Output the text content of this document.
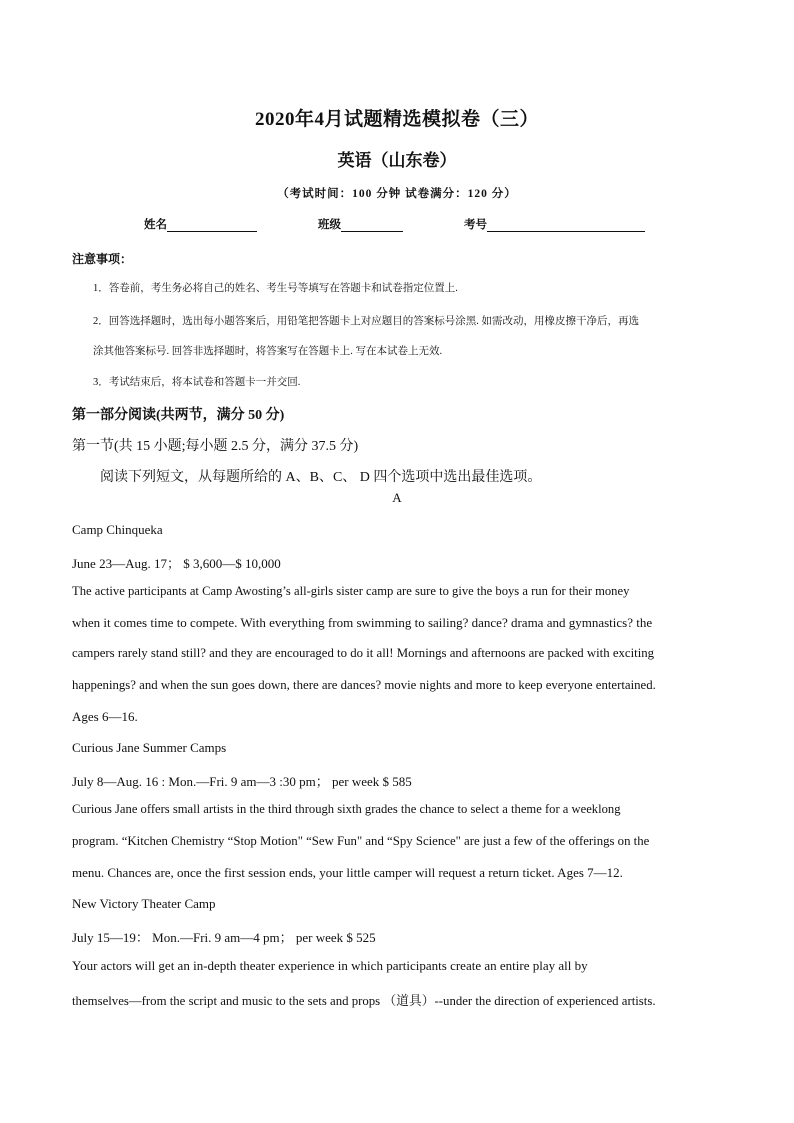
2020年4月试题精选模拟卷（三）
英语（山东卷）
（考试时间：100 分钟 试卷满分：120 分）
姓名	班级	考号
注意事项：
1．答卷前，考生务必将自己的姓名、考生号等填写在答题卡和试卷指定位置上.
2．回答选择题时，选出每小题答案后，用铅笔把答题卡上对应题目的答案标号涂黑. 如需改动，用橡皮擦干净后，再选
涂其他答案标号. 回答非选择题时，将答案写在答题卡上. 写在本试卷上无效.
3．考试结束后，将本试卷和答题卡一并交回.
第一部分阅读(共两节，满分 50 分)
第一节(共 15 小题;每小题 2.5 分，满分 37.5 分)
阅读下列短文，从每题所给的 A、B、C、 D 四个选项中选出最佳选项。
A
Camp Chinqueka
June 23—Aug. 17； $ 3,600—$ 10,000
The active participants at Camp Awosting’s all-girls sister camp are sure to give the boys a run for their money
when it comes time to compete. With everything from swimming to sailing? dance? drama and gymnastics? the
campers rarely stand still? and they are encouraged to do it all! Mornings and afternoons are packed with exciting
happenings? and when the sun goes down, there are dances? movie nights and more to keep everyone entertained.
Ages 6—16.
Curious Jane Summer Camps
July 8—Aug. 16 : Mon.—Fri. 9 am—3 :30 pm； per week $ 585
Curious Jane offers small artists in the third through sixth grades the chance to select a theme for a weeklong
program. “Kitchen Chemistry “Stop Motion" “Sew Fun" and “Spy Science" are just a few of the offerings on the
menu. Chances are, once the first session ends, your little camper will request a return ticket. Ages 7—12.
New Victory Theater Camp
July 15—19： Mon.—Fri. 9 am—4 pm； per week $ 525
Your actors will get an in-depth theater experience in which participants create an entire play all by
themselves—from the script and music to the sets and props （道具）--under the direction of experienced artists.
